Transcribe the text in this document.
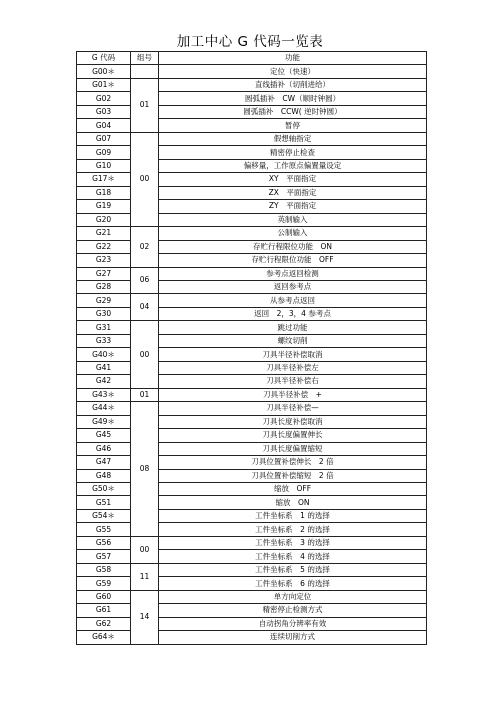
加工中心 G 代码一览表
G 代码	组号	功能
G00＊		定位（快速）
G01＊	01	直线插补（切削进给）
G02		圆弧插补　CW（顺时钟圆）
G03		圆弧插补　CCW( 逆时钟圆）
G04		暂停
G07	00	假想轴指定
G09		精密停止检查
G10		偏移量，工作原点偏置量设定
G17＊		XY　平面指定
G18		ZX　平面指定
G19		ZY　平面指定
G20		英制输入
G21	02	公制输入
G22		存贮行程限位功能　ON
G23		存贮行程限位功能　OFF
G27	06	参考点返回检测
G28		返回参考点
G29	04	从参考点返回
G30		返回　2，3，4 参考点
G31	00	跳过功能
G33		螺纹切削
G40＊		刀具半径补偿取消
G41		刀具半径补偿左
G42		刀具半径补偿右
G43＊	01	刀具半径补偿　+
G44＊	08	刀具半径补偿—
G49＊		刀具长度补偿取消
G45		刀具长度偏置伸长
G46		刀具长度偏置缩短
G47		刀具位置补偿伸长　2 倍
G48		刀具位置补偿缩短　2 倍
G50＊		缩放　OFF
G51		缩放　ON
G54＊		工件坐标系　1 的选择
G55		工件坐标系　2 的选择
G56	00	工件坐标系　3 的选择
G57		工件坐标系　4 的选择
G58	11	工件坐标系　5 的选择
G59		工件坐标系　6 的选择
G60	14	单方向定位
G61		精密停止检测方式
G62		自动拐角分辨率有效
G64＊		连续切削方式
